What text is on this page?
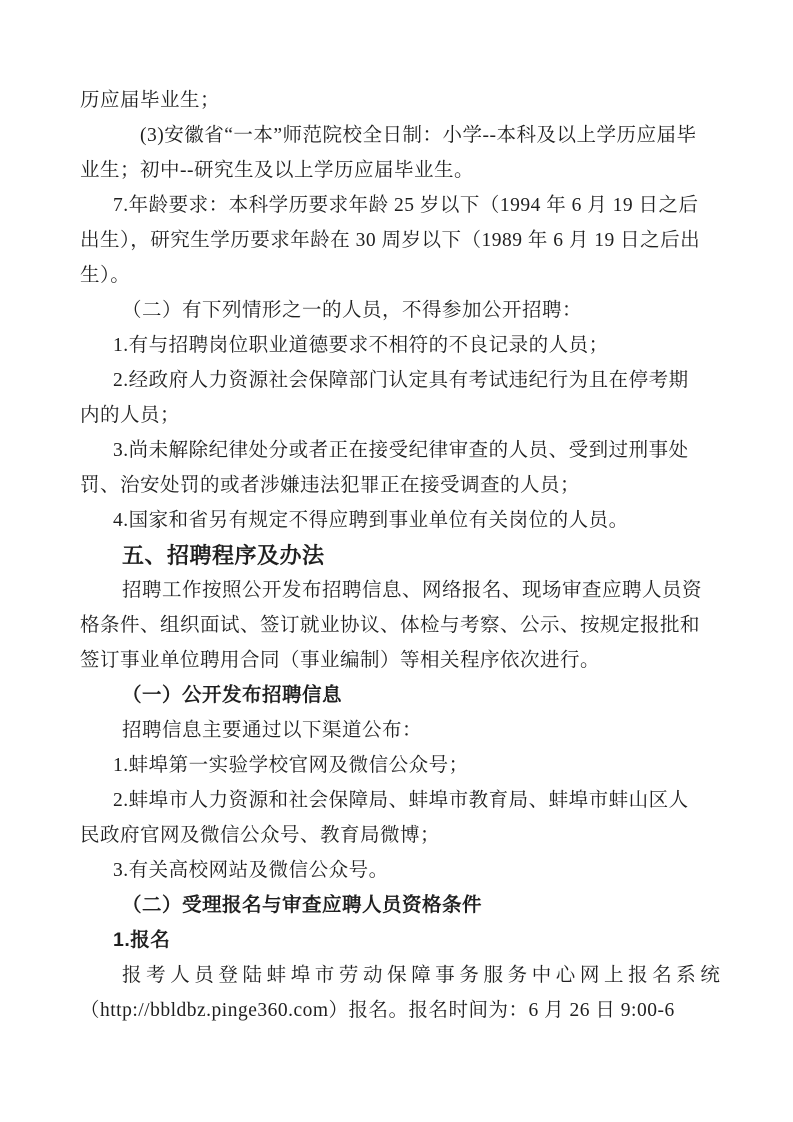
历应届毕业生；
(3)安徽省“一本”师范院校全日制：小学--本科及以上学历应届毕
业生；初中--研究生及以上学历应届毕业生。
7.年龄要求：本科学历要求年龄 25 岁以下（1994 年 6 月 19 日之后
出生），研究生学历要求年龄在 30 周岁以下（1989 年 6 月 19 日之后出
生）。
（二）有下列情形之一的人员，不得参加公开招聘：
1.有与招聘岗位职业道德要求不相符的不良记录的人员；
2.经政府人力资源社会保障部门认定具有考试违纪行为且在停考期
内的人员；
3.尚未解除纪律处分或者正在接受纪律审查的人员、受到过刑事处
罚、治安处罚的或者涉嫌违法犯罪正在接受调查的人员；
4.国家和省另有规定不得应聘到事业单位有关岗位的人员。
五、招聘程序及办法
招聘工作按照公开发布招聘信息、网络报名、现场审查应聘人员资
格条件、组织面试、签订就业协议、体检与考察、公示、按规定报批和
签订事业单位聘用合同（事业编制）等相关程序依次进行。
（一）公开发布招聘信息
招聘信息主要通过以下渠道公布：
1.蚌埠第一实验学校官网及微信公众号；
2.蚌埠市人力资源和社会保障局、蚌埠市教育局、蚌埠市蚌山区人
民政府官网及微信公众号、教育局微博；
3.有关高校网站及微信公众号。
（二）受理报名与审查应聘人员资格条件
1.报名
报考人员登陆蚌埠市劳动保障事务服务中心网上报名系统
（http://bbldbz.pinge360.com）报名。报名时间为：6 月 26 日 9:00-6
